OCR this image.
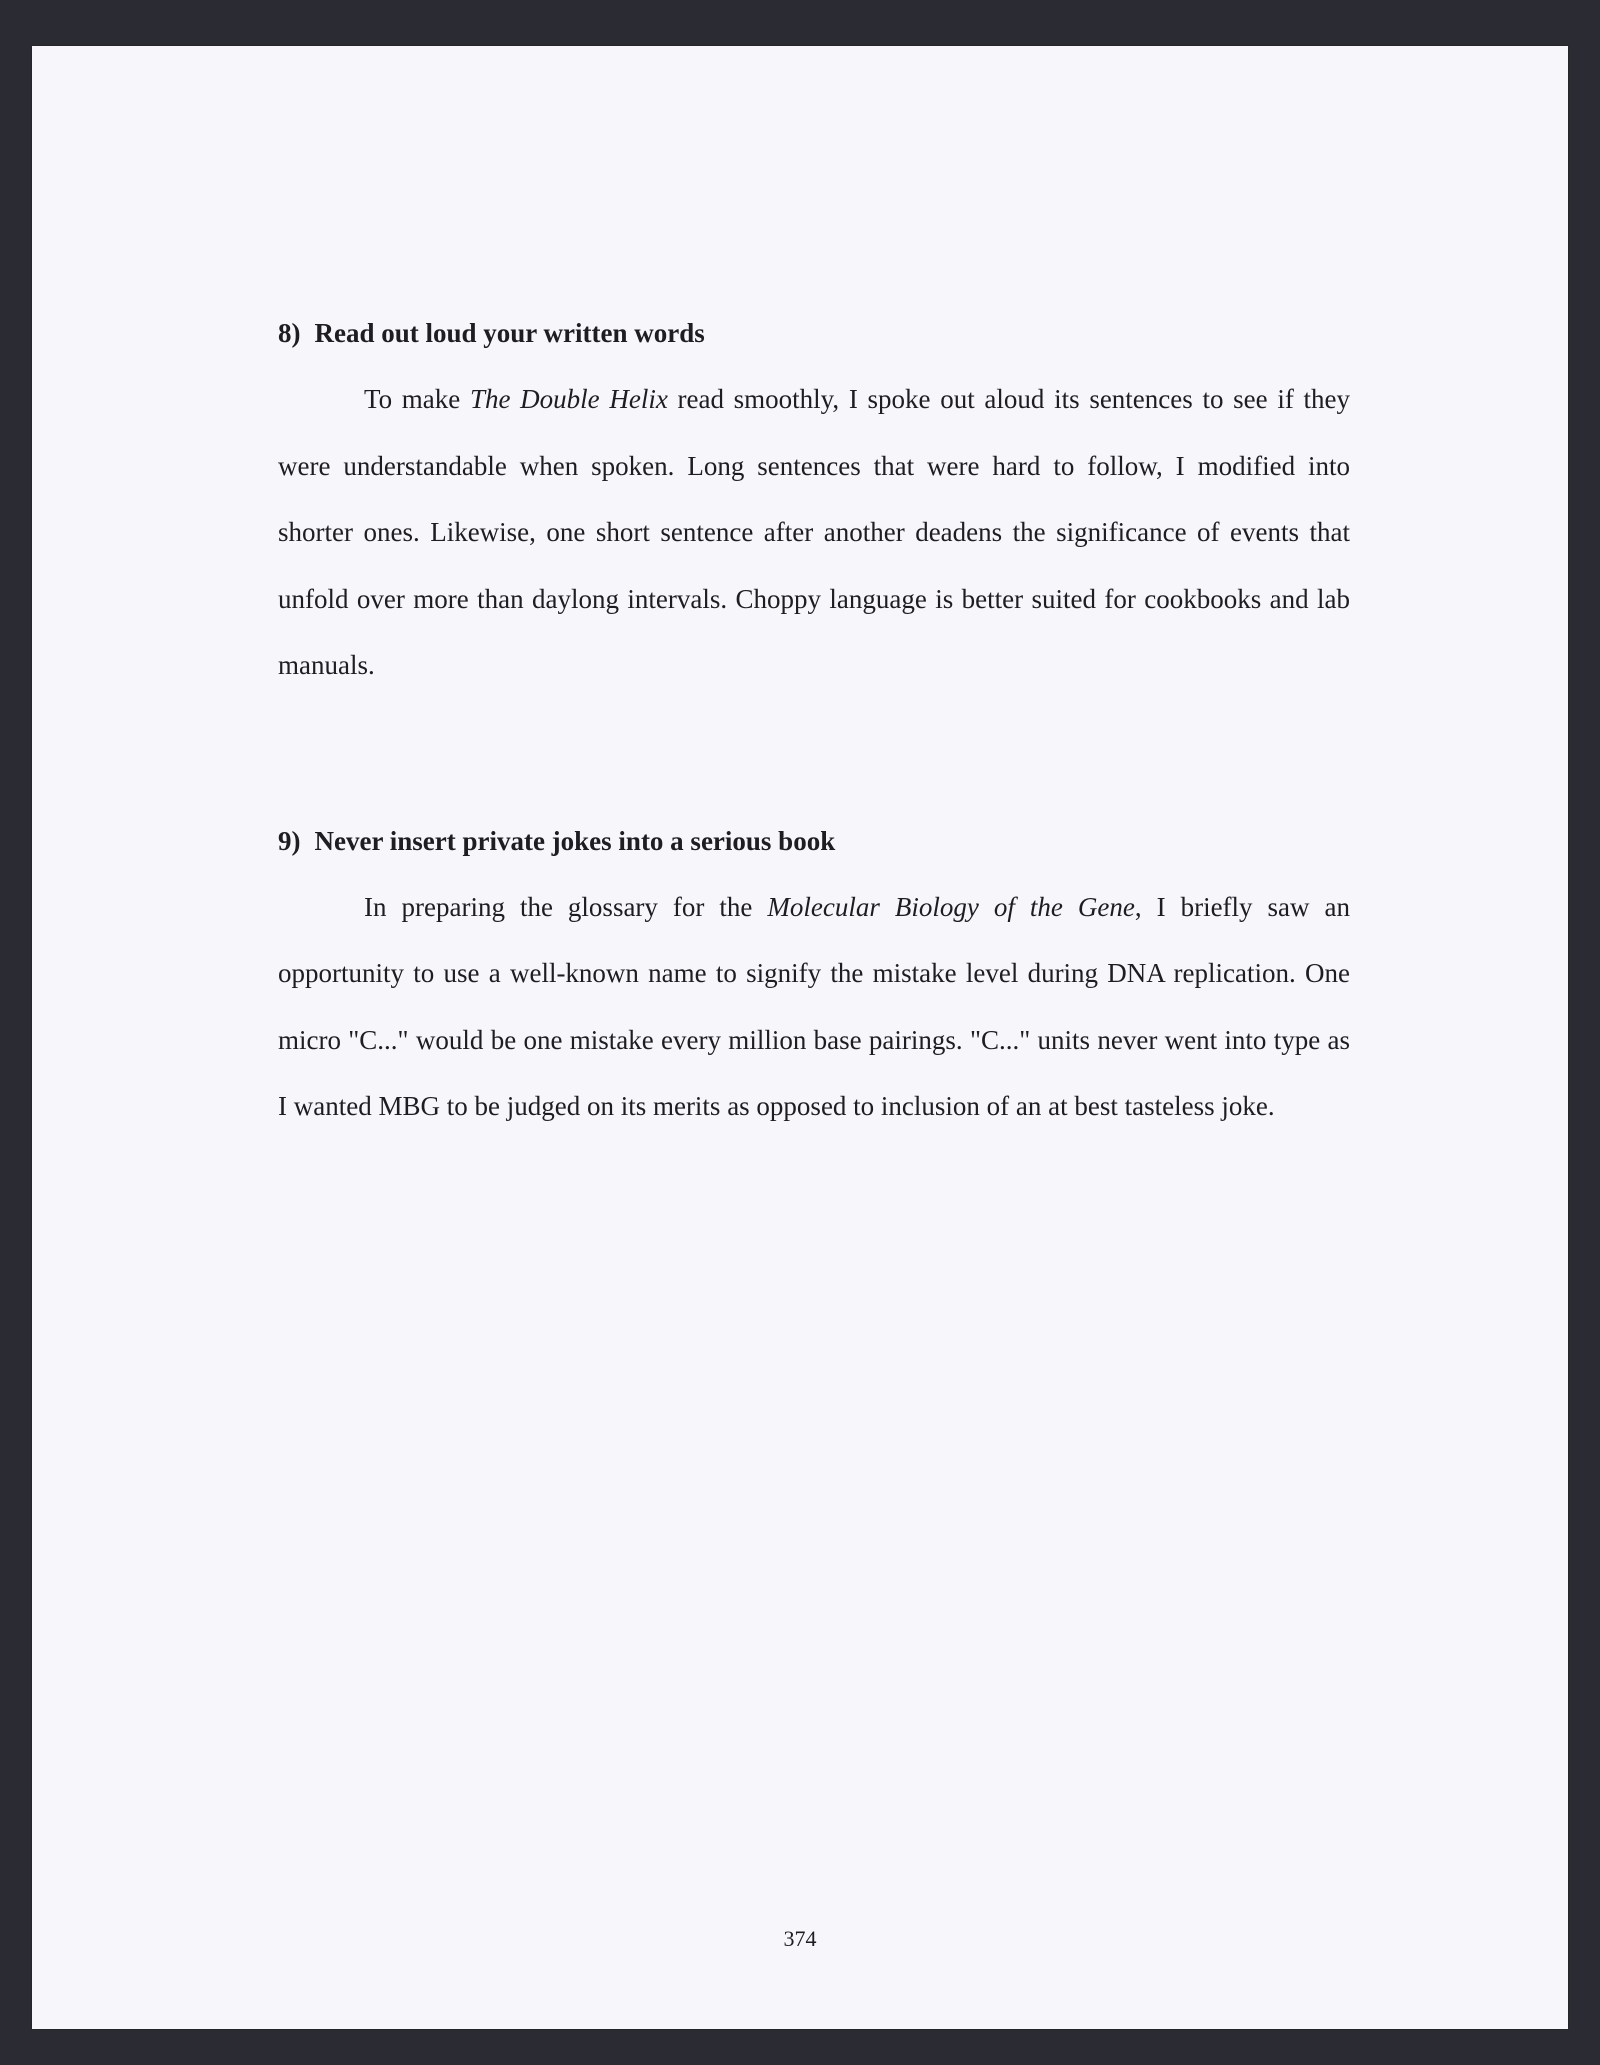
8) Read out loud your written words

To make The Double Helix read smoothly, I spoke out aloud its sentences to see if they were understandable when spoken. Long sentences that were hard to follow, I modified into shorter ones. Likewise, one short sentence after another deadens the significance of events that unfold over more than daylong intervals. Choppy language is better suited for cookbooks and lab manuals.

9) Never insert private jokes into a serious book

In preparing the glossary for the Molecular Biology of the Gene, I briefly saw an opportunity to use a well-known name to signify the mistake level during DNA replication. One micro "C..." would be one mistake every million base pairings. "C..." units never went into type as I wanted MBG to be judged on its merits as opposed to inclusion of an at best tasteless joke.

374
